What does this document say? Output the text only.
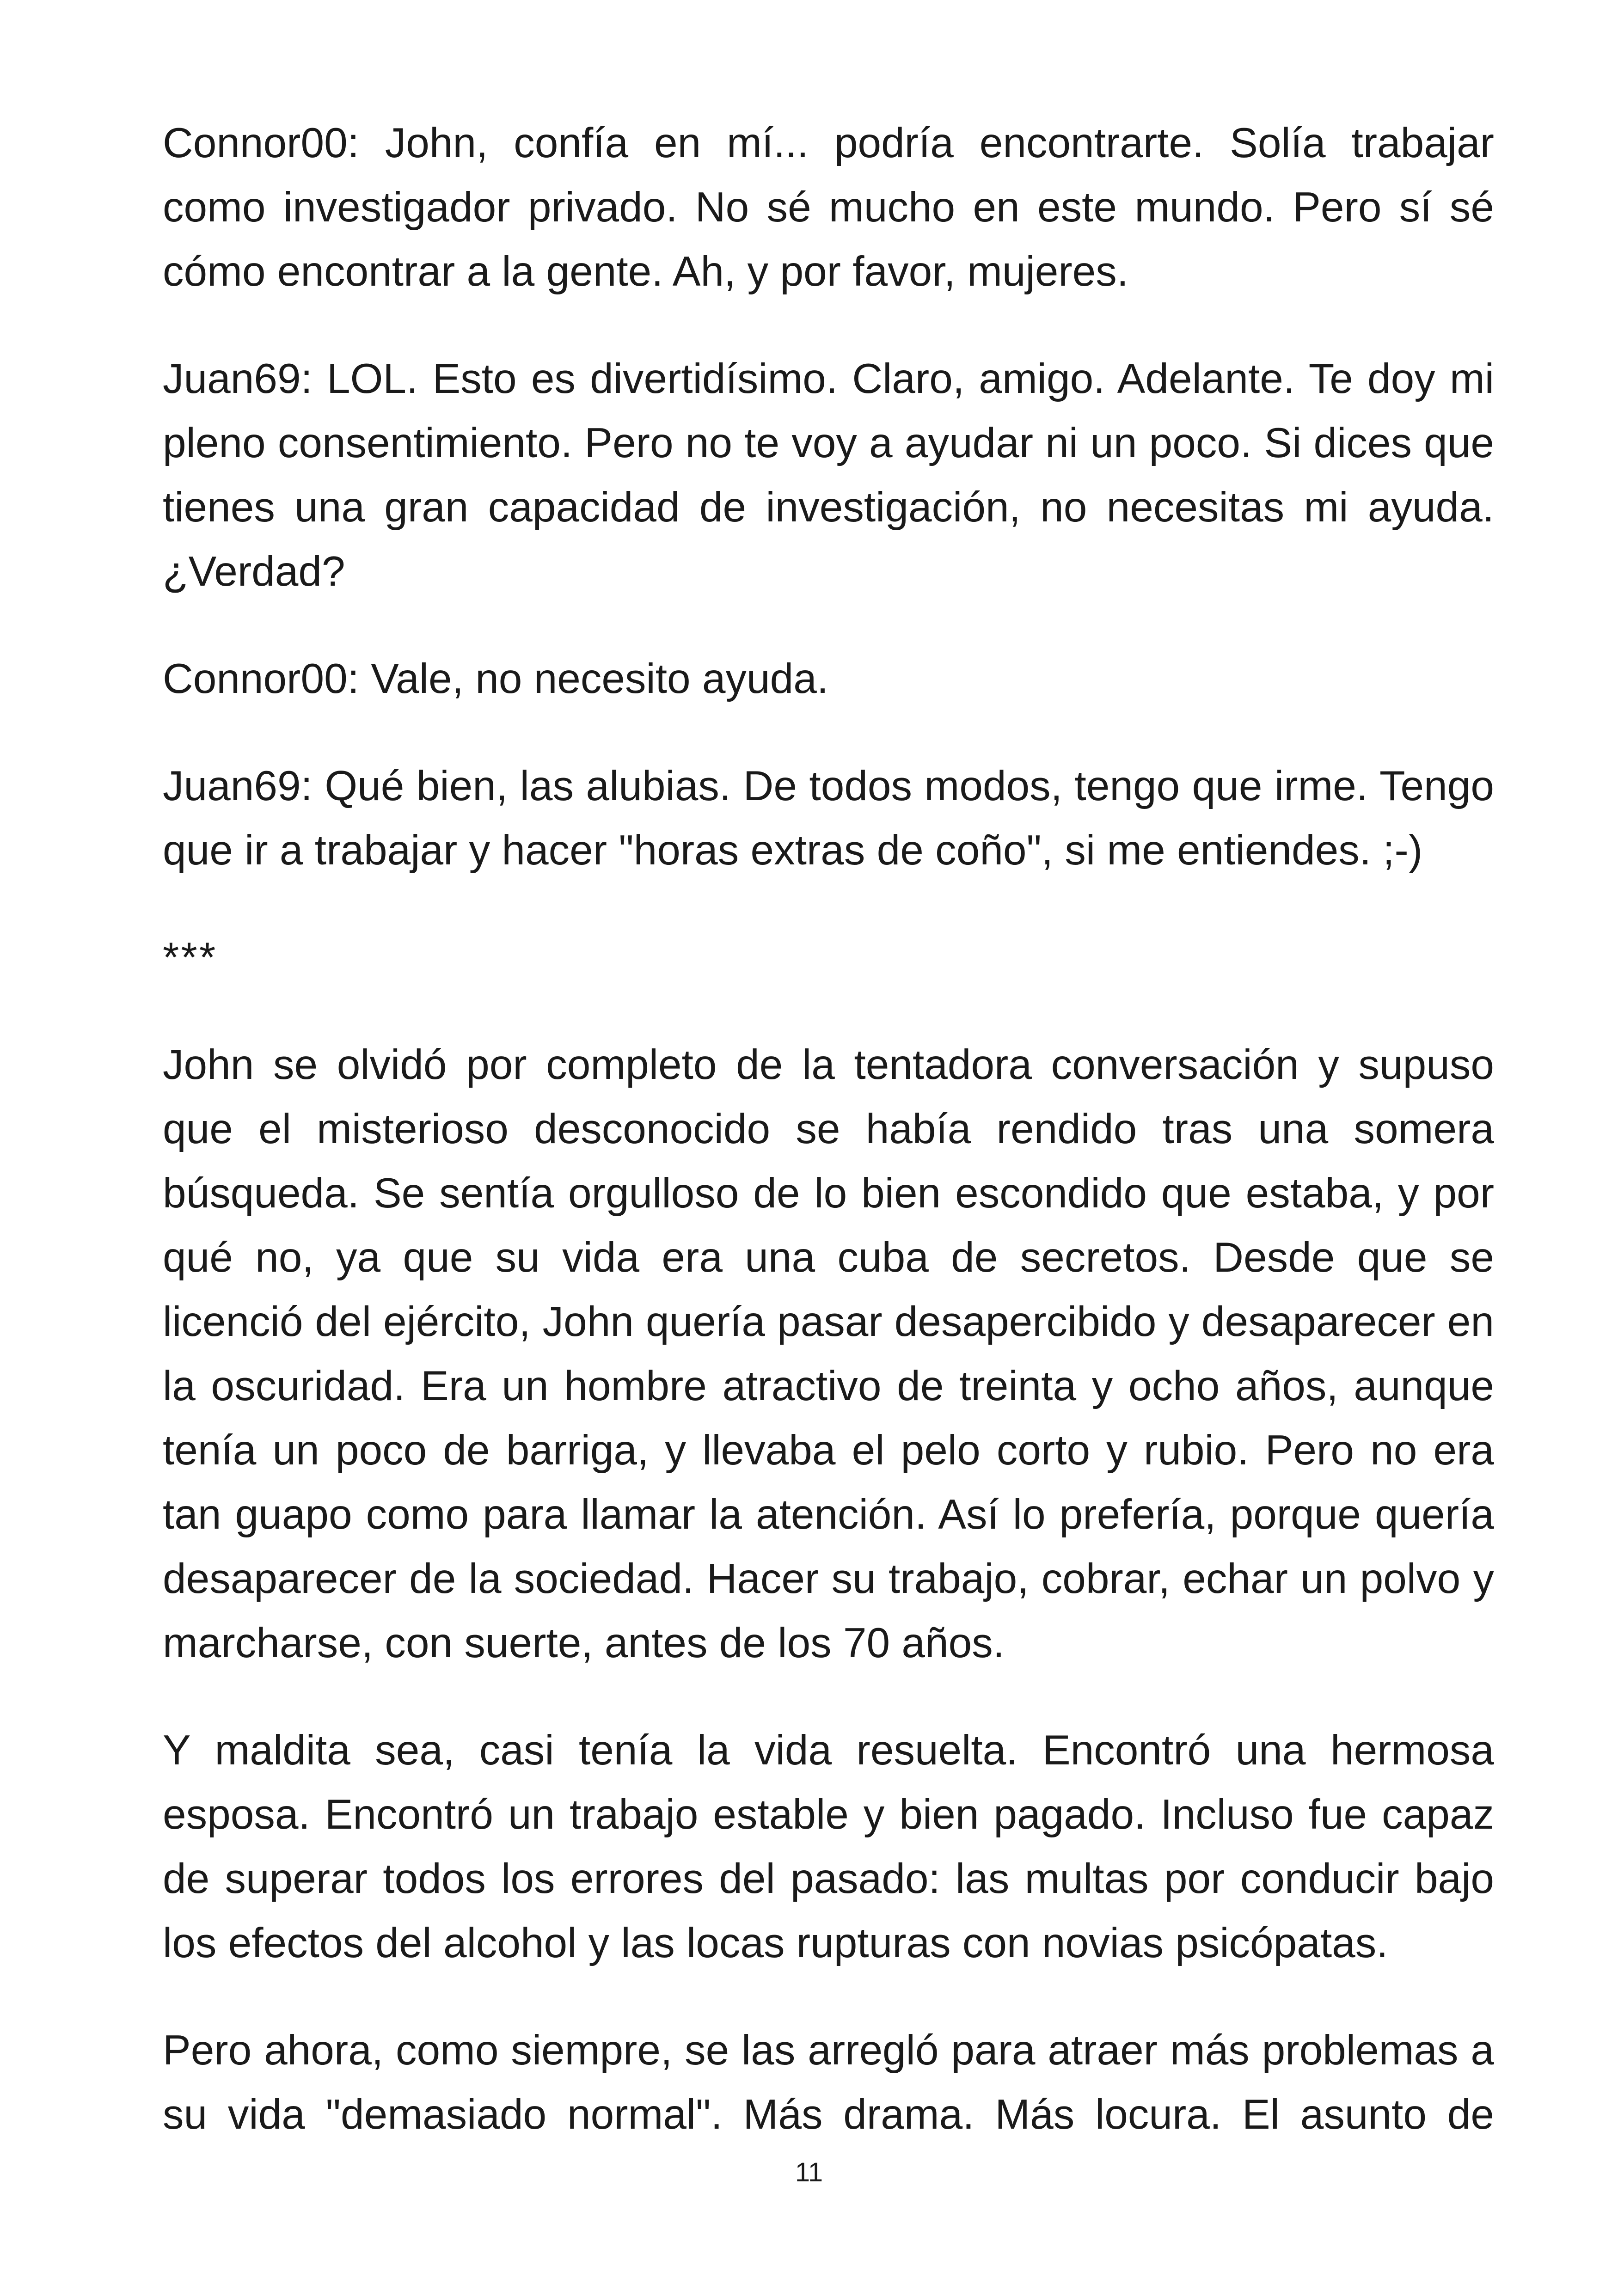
Connor00: John, confía en mí... podría encontrarte. Solía trabajar como investigador privado. No sé mucho en este mundo. Pero sí sé cómo encontrar a la gente. Ah, y por favor, mujeres.

Juan69: LOL. Esto es divertidísimo. Claro, amigo. Adelante. Te doy mi pleno consentimiento. Pero no te voy a ayudar ni un poco. Si dices que tienes una gran capacidad de investigación, no necesitas mi ayuda. ¿Verdad?

Connor00: Vale, no necesito ayuda.

Juan69: Qué bien, las alubias. De todos modos, tengo que irme. Tengo que ir a trabajar y hacer "horas extras de coño", si me entiendes. ;-)

***

John se olvidó por completo de la tentadora conversación y supuso que el misterioso desconocido se había rendido tras una somera búsqueda. Se sentía orgulloso de lo bien escondido que estaba, y por qué no, ya que su vida era una cuba de secretos. Desde que se licenció del ejército, John quería pasar desapercibido y desaparecer en la oscuridad. Era un hombre atractivo de treinta y ocho años, aunque tenía un poco de barriga, y llevaba el pelo corto y rubio. Pero no era tan guapo como para llamar la atención. Así lo prefería, porque quería desaparecer de la sociedad. Hacer su trabajo, cobrar, echar un polvo y marcharse, con suerte, antes de los 70 años.

Y maldita sea, casi tenía la vida resuelta. Encontró una hermosa esposa. Encontró un trabajo estable y bien pagado. Incluso fue capaz de superar todos los errores del pasado: las multas por conducir bajo los efectos del alcohol y las locas rupturas con novias psicópatas.

Pero ahora, como siempre, se las arregló para atraer más problemas a su vida "demasiado normal". Más drama. Más locura. El asunto de

11
